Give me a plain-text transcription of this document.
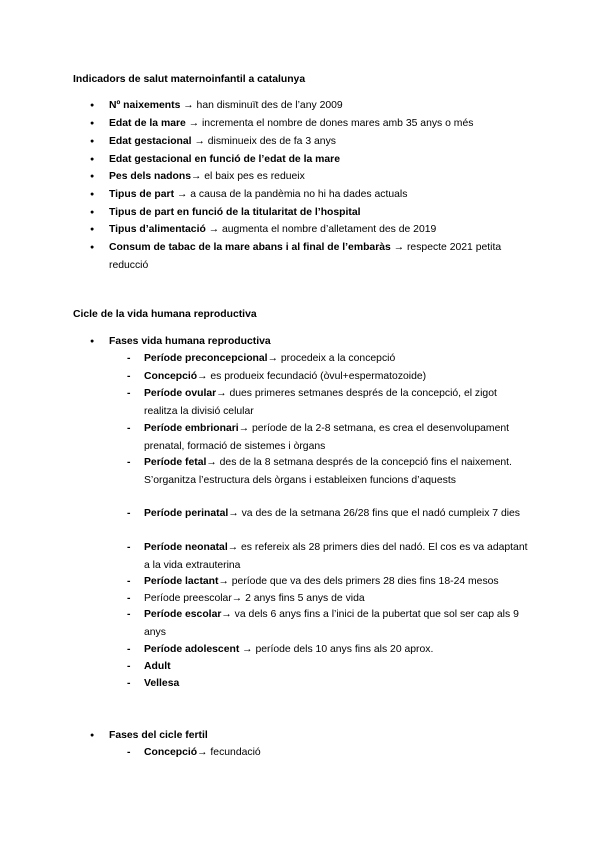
Indicadors de salut maternoinfantil a catalunya

● Nº naixements → han disminuït des de l’any 2009
● Edat de la mare → incrementa el nombre de dones mares amb 35 anys o més
● Edat gestacional → disminueix des de fa 3 anys
● Edat gestacional en funció de l’edat de la mare
● Pes dels nadons→ el baix pes es redueix
● Tipus de part → a causa de la pandèmia no hi ha dades actuals
● Tipus de part en funció de la titularitat de l’hospital
● Tipus d’alimentació → augmenta el nombre d’alletament des de 2019
● Consum de tabac de la mare abans i al final de l’embaràs → respecte 2021 petita reducció

Cicle de la vida humana reproductiva

● Fases vida humana reproductiva
- Període preconcepcional→ procedeix a la concepció
- Concepció→ es produeix fecundació (òvul+espermatozoide)
- Període ovular→ dues primeres setmanes després de la concepció, el zigot realitza la divisió celular
- Període embrionari→ període de la 2-8 setmana, es crea el desenvolupament prenatal, formació de sistemes i òrgans
- Període fetal→ des de la 8 setmana després de la concepció fins el naixement. S’organitza l’estructura dels òrgans i estableixen funcions d’aquests
- Període perinatal→ va des de la setmana 26/28 fins que el nadó cumpleix 7 dies
- Període neonatal→ es refereix als 28 primers dies del nadó. El cos es va adaptant a la vida extrauterina
- Període lactant→ període que va des dels primers 28 dies fins 18-24 mesos
- Període preescolar→ 2 anys fins 5 anys de vida
- Període escolar→ va dels 6 anys fins a l’inici de la pubertat que sol ser cap als 9 anys
- Període adolescent → període dels 10 anys fins als 20 aprox.
- Adult
- Vellesa
● Fases del cicle fertil
- Concepció→ fecundació
